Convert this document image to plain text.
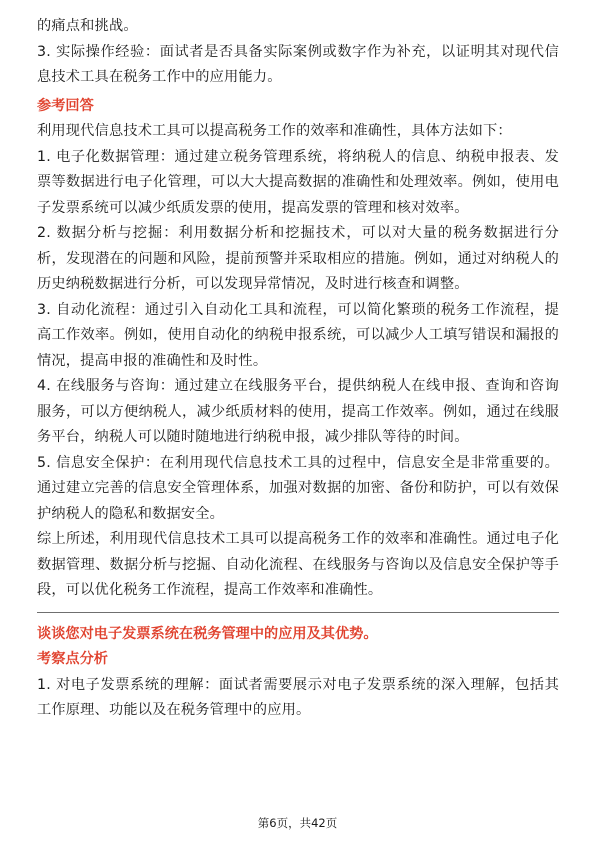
的痛点和挑战。

3. 实际操作经验：面试者是否具备实际案例或数字作为补充，以证明其对现代信息技术工具在税务工作中的应用能力。

参考回答

利用现代信息技术工具可以提高税务工作的效率和准确性，具体方法如下：

1. 电子化数据管理：通过建立税务管理系统，将纳税人的信息、纳税申报表、发票等数据进行电子化管理，可以大大提高数据的准确性和处理效率。例如，使用电子发票系统可以减少纸质发票的使用，提高发票的管理和核对效率。

2. 数据分析与挖掘：利用数据分析和挖掘技术，可以对大量的税务数据进行分析，发现潜在的问题和风险，提前预警并采取相应的措施。例如，通过对纳税人的历史纳税数据进行分析，可以发现异常情况，及时进行核查和调整。

3. 自动化流程：通过引入自动化工具和流程，可以简化繁琐的税务工作流程，提高工作效率。例如，使用自动化的纳税申报系统，可以减少人工填写错误和漏报的情况，提高申报的准确性和及时性。

4. 在线服务与咨询：通过建立在线服务平台，提供纳税人在线申报、查询和咨询服务，可以方便纳税人，减少纸质材料的使用，提高工作效率。例如，通过在线服务平台，纳税人可以随时随地进行纳税申报，减少排队等待的时间。

5. 信息安全保护：在利用现代信息技术工具的过程中，信息安全是非常重要的。通过建立完善的信息安全管理体系，加强对数据的加密、备份和防护，可以有效保护纳税人的隐私和数据安全。

综上所述，利用现代信息技术工具可以提高税务工作的效率和准确性。通过电子化数据管理、数据分析与挖掘、自动化流程、在线服务与咨询以及信息安全保护等手段，可以优化税务工作流程，提高工作效率和准确性。

谈谈您对电子发票系统在税务管理中的应用及其优势。

考察点分析

1. 对电子发票系统的理解：面试者需要展示对电子发票系统的深入理解，包括其工作原理、功能以及在税务管理中的应用。

第6页，共42页
